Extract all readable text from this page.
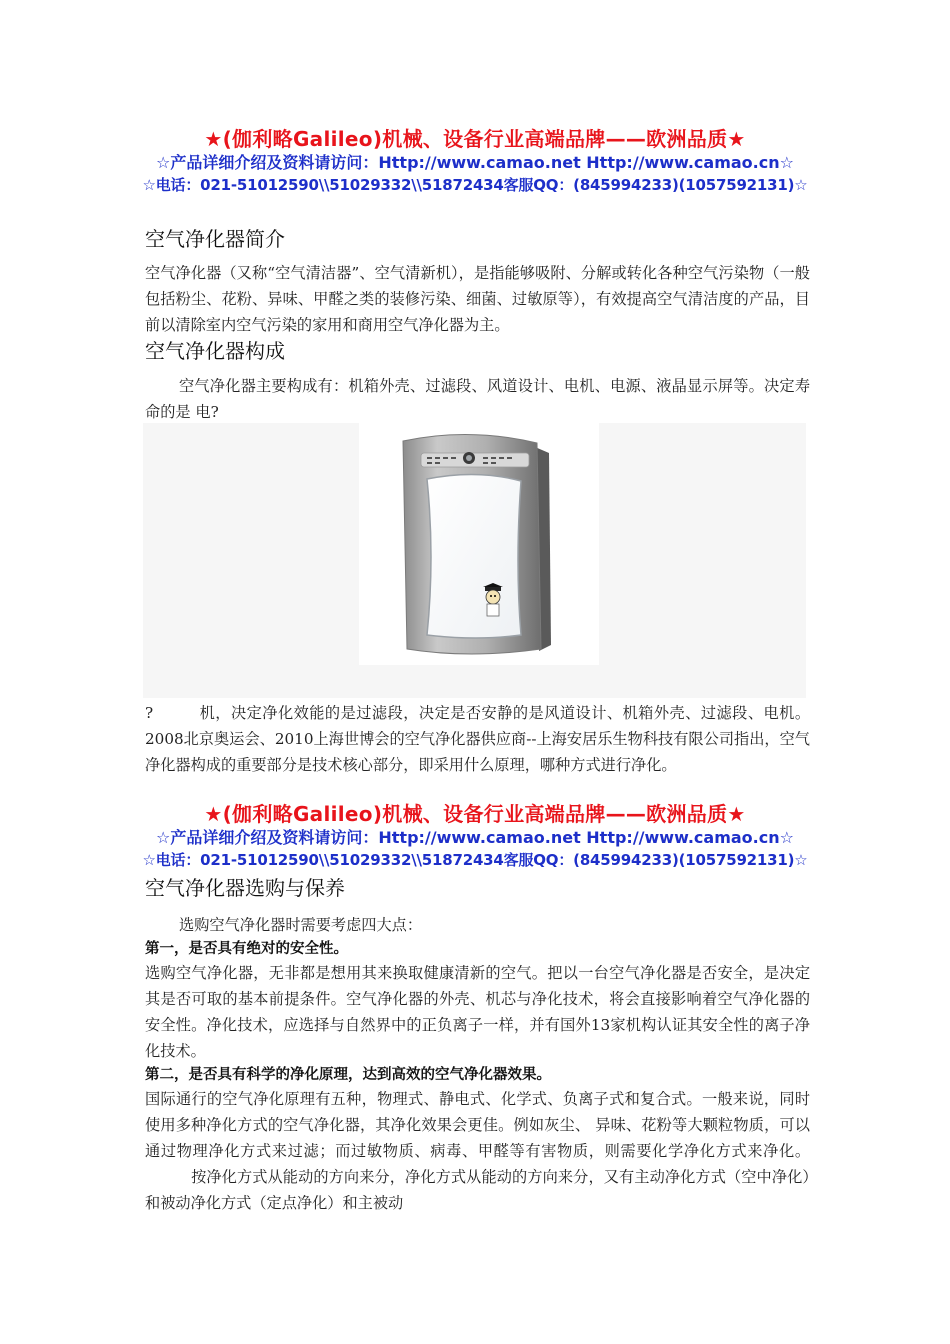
★(伽利略Galileo)机械、设备行业高端品牌——欧洲品质★
☆产品详细介绍及资料请访问：Http://www.camao.net Http://www.camao.cn☆
☆电话：021-51012590\\51029332\\51872434客服QQ：(845994233)(1057592131)☆
空气净化器简介

空气净化器（又称“空气清洁器”、空气清新机），是指能够吸附、分解或转化各种空气污染物（一般包括粉尘、花粉、异味、甲醛之类的装修污染、细菌、过敏原等），有效提高空气清洁度的产品，目前以清除室内空气污染的家用和商用空气净化器为主。

空气净化器构成

空气净化器主要构成有：机箱外壳、过滤段、风道设计、电机、电源、液晶显示屏等。决定寿命的是 电?

?	机，决定净化效能的是过滤段，决定是否安静的是风道设计、机箱外壳、过滤段、电机。2008北京奥运会、2010上海世博会的空气净化器供应商--上海安居乐生物科技有限公司指出，空气净化器构成的重要部分是技术核心部分，即采用什么原理，哪种方式进行净化。

★(伽利略Galileo)机械、设备行业高端品牌——欧洲品质★
☆产品详细介绍及资料请访问：Http://www.camao.net Http://www.camao.cn☆
☆电话：021-51012590\\51029332\\51872434客服QQ：(845994233)(1057592131)☆
空气净化器选购与保养

选购空气净化器时需要考虑四大点：

第一，是否具有绝对的安全性。

选购空气净化器，无非都是想用其来换取健康清新的空气。把以一台空气净化器是否安全，是决定其是否可取的基本前提条件。空气净化器的外壳、机芯与净化技术，将会直接影响着空气净化器的安全性。净化技术，应选择与自然界中的正负离子一样，并有国外13家机构认证其安全性的离子净化技术。

第二，是否具有科学的净化原理，达到高效的空气净化器效果。

国际通行的空气净化原理有五种，物理式、静电式、化学式、负离子式和复合式。一般来说，同时使用多种净化方式的空气净化器，其净化效果会更佳。例如灰尘、 异味、花粉等大颗粒物质，可以通过物理净化方式来过滤；而过敏物质、病毒、甲醛等有害物质，则需要化学净化方式来净化。按净化方式从能动的方向来分，净化方式从能动的方向来分，又有主动净化方式（空中净化）和被动净化方式（定点净化）和主被动
